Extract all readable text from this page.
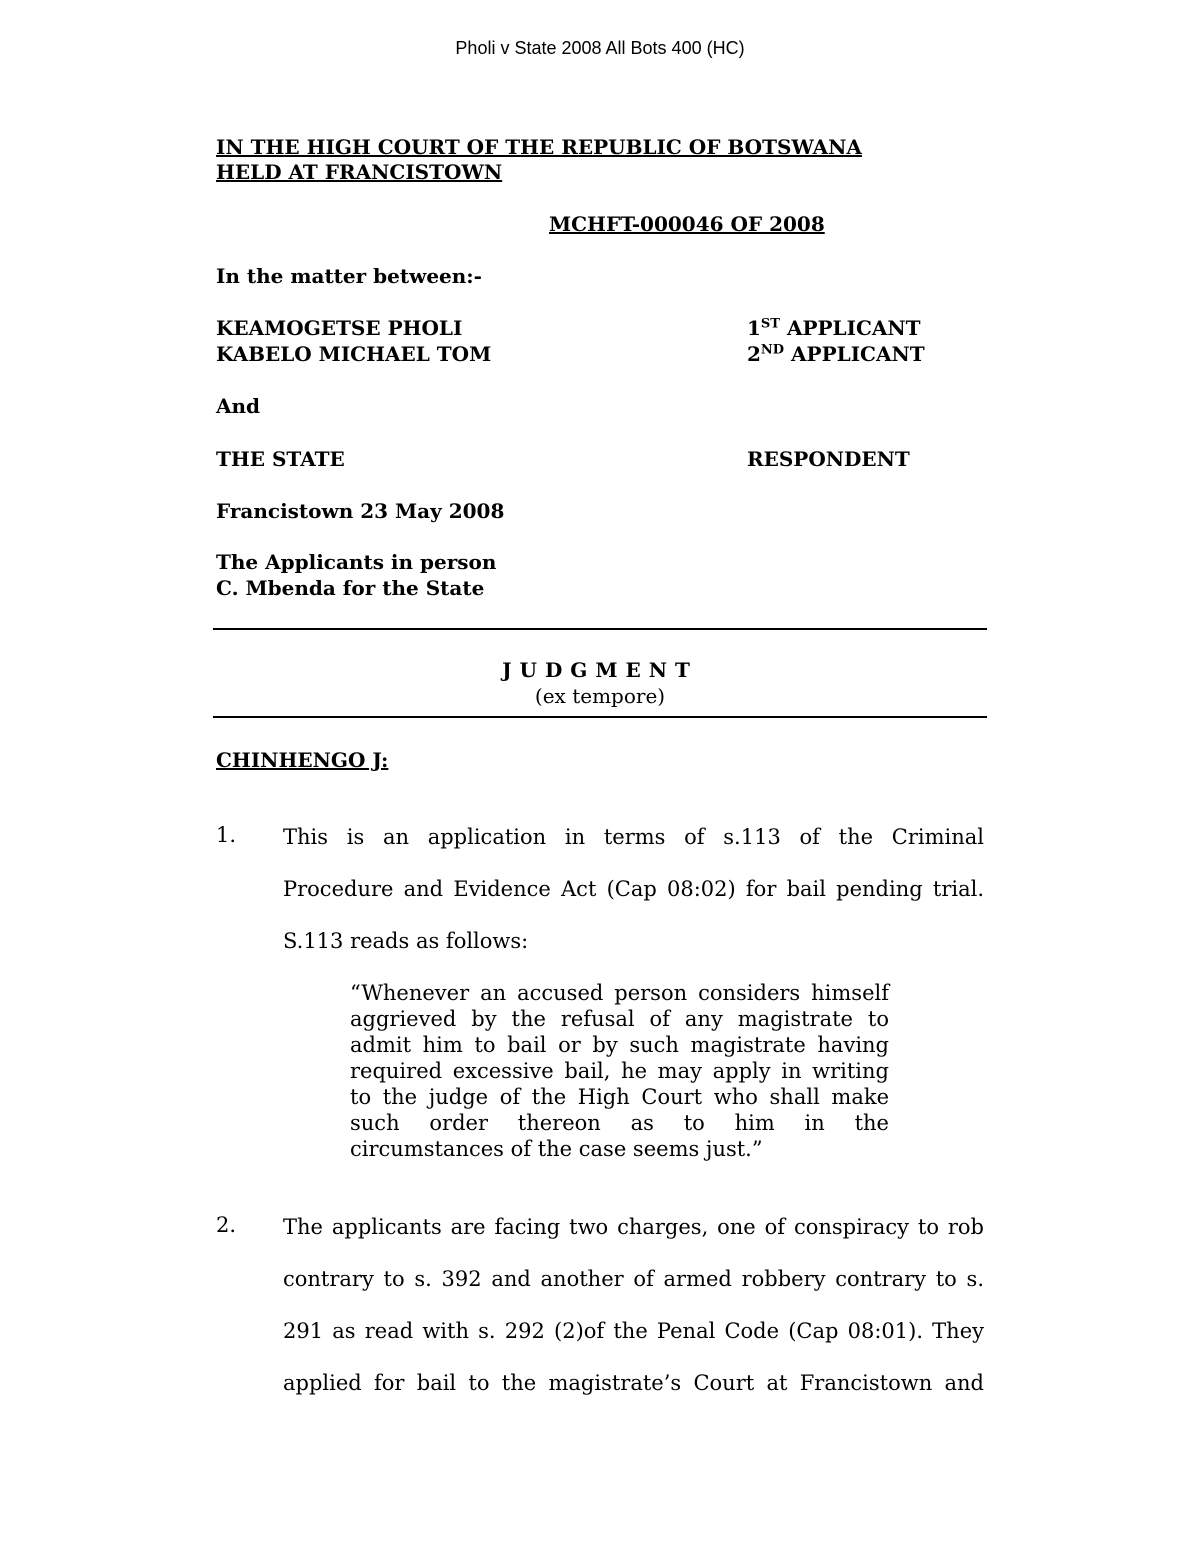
Pholi v State 2008 All Bots 400 (HC)
IN THE HIGH COURT OF THE REPUBLIC OF BOTSWANA
HELD AT FRANCISTOWN
MCHFT-000046 OF 2008
In the matter between:-
KEAMOGETSE PHOLI	1ST APPLICANT
KABELO MICHAEL TOM	2ND APPLICANT
And
THE STATE	RESPONDENT
Francistown 23 May 2008
The Applicants in person
C. Mbenda for the State
JUDGMENT
(ex tempore)
CHINHENGO J:
1. This is an application in terms of s.113 of the Criminal
Procedure and Evidence Act (Cap 08:02) for bail pending trial.
S.113 reads as follows:
“Whenever an accused person considers himself
aggrieved by the refusal of any magistrate to
admit him to bail or by such magistrate having
required excessive bail, he may apply in writing
to the judge of the High Court who shall make
such order thereon as to him in the
circumstances of the case seems just.”
2. The applicants are facing two charges, one of conspiracy to rob
contrary to s. 392 and another of armed robbery contrary to s.
291 as read with s. 292 (2)of the Penal Code (Cap 08:01). They
applied for bail to the magistrate’s Court at Francistown and
